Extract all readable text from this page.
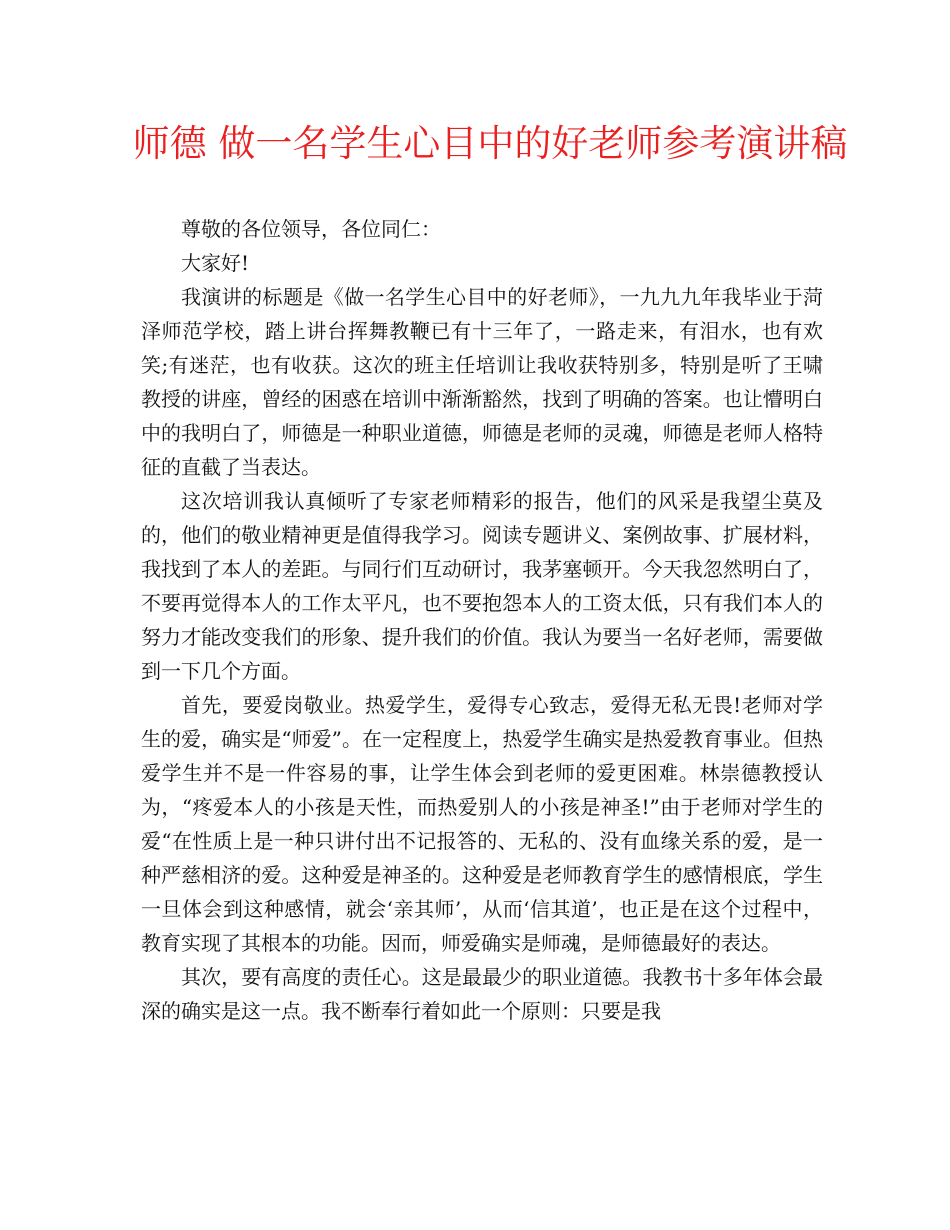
师德 做一名学生心目中的好老师参考演讲稿

尊敬的各位领导，各位同仁：

大家好!

我演讲的标题是《做一名学生心目中的好老师》，一九九九年我毕业于菏泽师范学校，踏上讲台挥舞教鞭已有十三年了，一路走来，有泪水，也有欢笑;有迷茫，也有收获。这次的班主任培训让我收获特别多，特别是听了王啸教授的讲座，曾经的困惑在培训中渐渐豁然，找到了明确的答案。也让懵明白中的我明白了，师德是一种职业道德，师德是老师的灵魂，师德是老师人格特征的直截了当表达。

这次培训我认真倾听了专家老师精彩的报告，他们的风采是我望尘莫及的，他们的敬业精神更是值得我学习。阅读专题讲义、案例故事、扩展材料，我找到了本人的差距。与同行们互动研讨，我茅塞顿开。今天我忽然明白了，不要再觉得本人的工作太平凡，也不要抱怨本人的工资太低，只有我们本人的努力才能改变我们的形象、提升我们的价值。我认为要当一名好老师，需要做到一下几个方面。

首先，要爱岗敬业。热爱学生，爱得专心致志，爱得无私无畏!老师对学生的爱，确实是“师爱”。在一定程度上，热爱学生确实是热爱教育事业。但热爱学生并不是一件容易的事，让学生体会到老师的爱更困难。林崇德教授认为，“疼爱本人的小孩是天性，而热爱别人的小孩是神圣!”由于老师对学生的爱“在性质上是一种只讲付出不记报答的、无私的、没有血缘关系的爱，是一种严慈相济的爱。这种爱是神圣的。这种爱是老师教育学生的感情根底，学生一旦体会到这种感情，就会‘亲其师’，从而‘信其道’，也正是在这个过程中，教育实现了其根本的功能。因而，师爱确实是师魂，是师德最好的表达。

其次，要有高度的责任心。这是最最少的职业道德。我教书十多年体会最深的确实是这一点。我不断奉行着如此一个原则：只要是我
